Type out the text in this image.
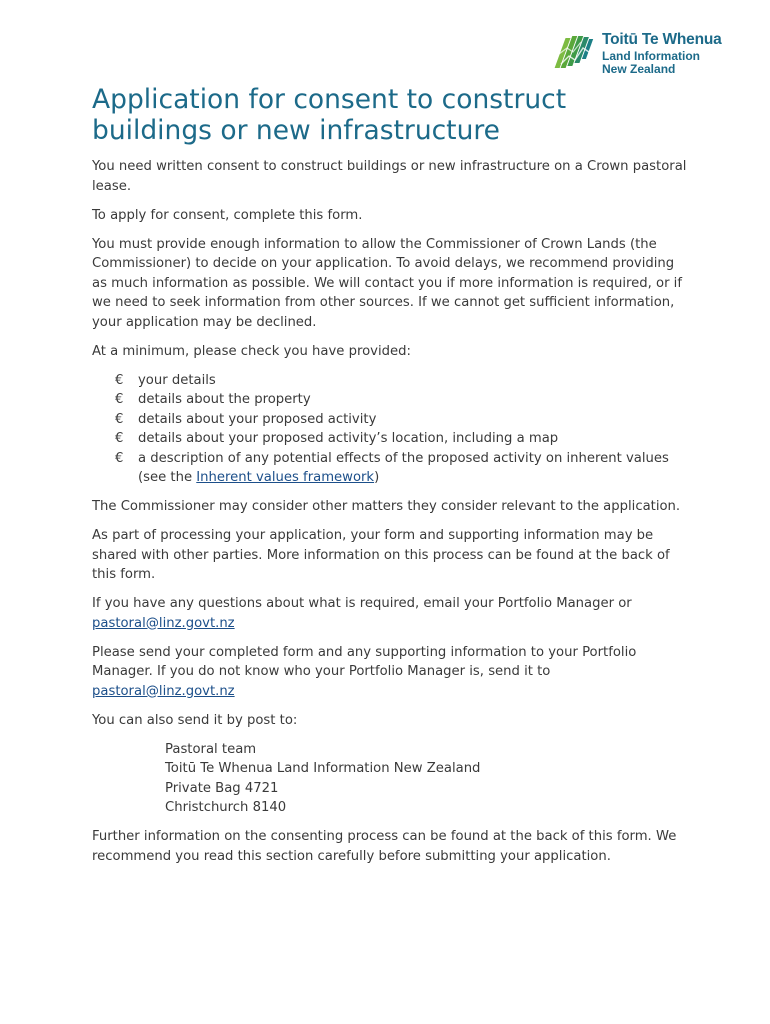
Toitū Te Whenua
Land Information
New Zealand
Application for consent to construct buildings or new infrastructure

You need written consent to construct buildings or new infrastructure on a Crown pastoral lease.

To apply for consent, complete this form.

You must provide enough information to allow the Commissioner of Crown Lands (the Commissioner) to decide on your application. To avoid delays, we recommend providing as much information as possible. We will contact you if more information is required, or if we need to seek information from other sources. If we cannot get sufficient information, your application may be declined.

At a minimum, please check you have provided:

€ your details
€ details about the property
€ details about your proposed activity
€ details about your proposed activity’s location, including a map
€ a description of any potential effects of the proposed activity on inherent values (see the Inherent values framework)

The Commissioner may consider other matters they consider relevant to the application.

As part of processing your application, your form and supporting information may be shared with other parties. More information on this process can be found at the back of this form.

If you have any questions about what is required, email your Portfolio Manager or pastoral@linz.govt.nz

Please send your completed form and any supporting information to your Portfolio Manager. If you do not know who your Portfolio Manager is, send it to pastoral@linz.govt.nz

You can also send it by post to:

Pastoral team
Toitū Te Whenua Land Information New Zealand
Private Bag 4721
Christchurch 8140

Further information on the consenting process can be found at the back of this form. We recommend you read this section carefully before submitting your application.
